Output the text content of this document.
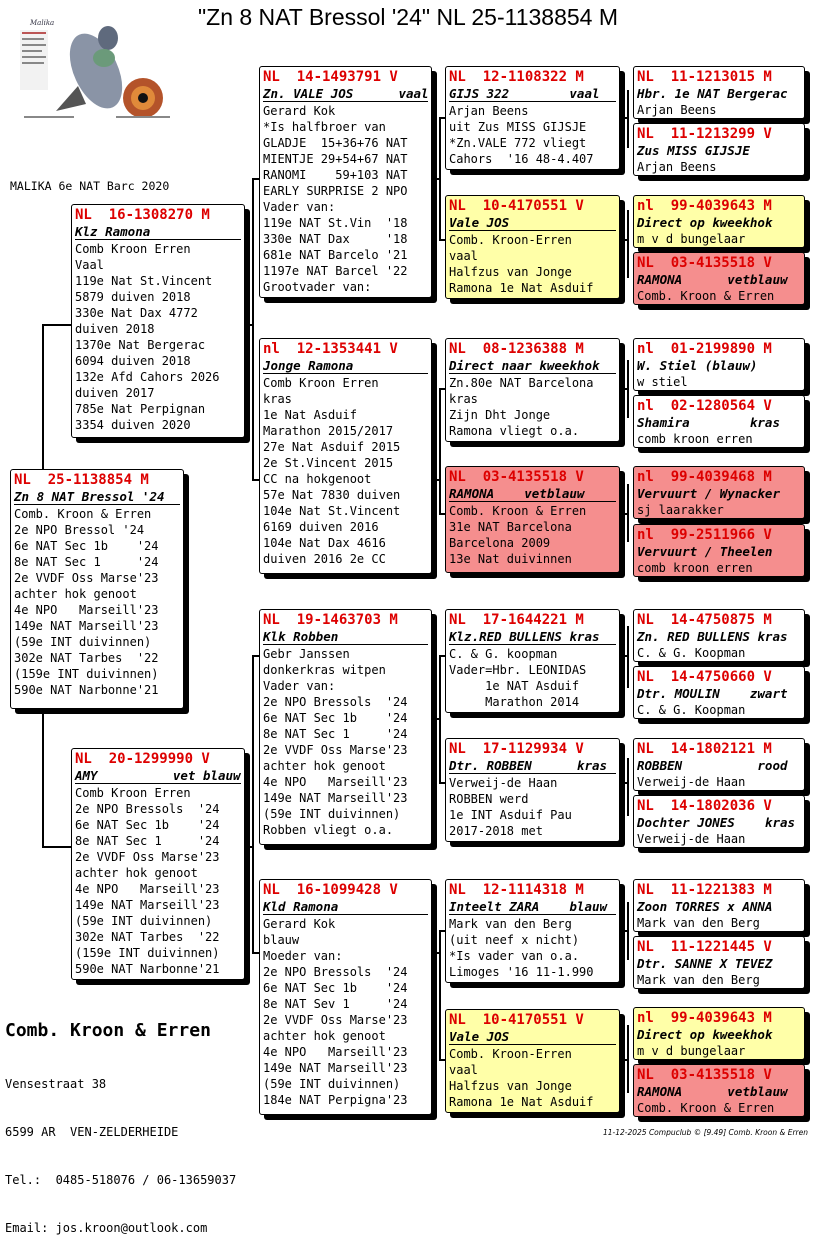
"Zn 8 NAT Bressol '24" NL 25-1138854 M
Malika
MALIKA 6e NAT Barc 2020
NL  25-1138854 M
Zn 8 NAT Bressol '24
Comb. Kroon & Erren
2e NPO Bressol '24
6e NAT Sec 1b    '24
8e NAT Sec 1     '24
2e VVDF Oss Marse'23
achter hok genoot
4e NPO   Marseill'23
149e NAT Marseill'23
(59e INT duivinnen)
302e NAT Tarbes  '22
(159e INT duivinnen)
590e NAT Narbonne'21
NL  16-1308270 M
Klz Ramona
Comb Kroon Erren
Vaal
119e Nat St.Vincent
5879 duiven 2018
330e Nat Dax 4772
duiven 2018
1370e Nat Bergerac
6094 duiven 2018
132e Afd Cahors 2026
duiven 2017
785e Nat Perpignan
3354 duiven 2020
NL  20-1299990 V
AMY          vet blauw
Comb Kroon Erren
2e NPO Bressols  '24
6e NAT Sec 1b    '24
8e NAT Sec 1     '24
2e VVDF Oss Marse'23
achter hok genoot
4e NPO   Marseill'23
149e NAT Marseill'23
(59e INT duivinnen)
302e NAT Tarbes  '22
(159e INT duivinnen)
590e NAT Narbonne'21
NL  14-1493791 V
Zn. VALE JOS      vaal
Gerard Kok
*Is halfbroer van
GLADJE  15+36+76 NAT
MIENTJE 29+54+67 NAT
RANOMI    59+103 NAT
EARLY SURPRISE 2 NPO
Vader van:
119e NAT St.Vin  '18
330e NAT Dax     '18
681e NAT Barcelo '21
1197e NAT Barcel '22
Grootvader van:
nl  12-1353441 V
Jonge Ramona
Comb Kroon Erren
kras
1e Nat Asduif
Marathon 2015/2017
27e Nat Asduif 2015
2e St.Vincent 2015
CC na hokgenoot
57e Nat 7830 duiven
104e Nat St.Vincent
6169 duiven 2016
104e Nat Dax 4616
duiven 2016 2e CC
NL  19-1463703 M
Klk Robben
Gebr Janssen
donkerkras witpen
Vader van:
2e NPO Bressols  '24
6e NAT Sec 1b    '24
8e NAT Sec 1     '24
2e VVDF Oss Marse'23
achter hok genoot
4e NPO   Marseill'23
149e NAT Marseill'23
(59e INT duivinnen)
Robben vliegt o.a.
NL  16-1099428 V
Kld Ramona
Gerard Kok
blauw
Moeder van:
2e NPO Bressols  '24
6e NAT Sec 1b    '24
8e NAT Sev 1     '24
2e VVDF Oss Marse'23
achter hok genoot
4e NPO   Marseill'23
149e NAT Marseill'23
(59e INT duivinnen)
184e NAT Perpigna'23
NL  12-1108322 M
GIJS 322        vaal
Arjan Beens
uit Zus MISS GIJSJE
*Zn.VALE 772 vliegt
Cahors  '16 48-4.407
NL  10-4170551 V
Vale JOS
Comb. Kroon-Erren
vaal
Halfzus van Jonge
Ramona 1e Nat Asduif
NL  08-1236388 M
Direct naar kweekhok
Zn.80e NAT Barcelona
kras
Zijn Dht Jonge
Ramona vliegt o.a.
NL  03-4135518 V
RAMONA    vetblauw
Comb. Kroon & Erren
31e NAT Barcelona
Barcelona 2009
13e Nat duivinnen
NL  17-1644221 M
Klz.RED BULLENS kras
C. & G. koopman
Vader=Hbr. LEONIDAS
1e NAT Asduif
Marathon 2014
NL  17-1129934 V
Dtr. ROBBEN      kras
Verweij-de Haan
ROBBEN werd
1e INT Asduif Pau
2017-2018 met
NL  12-1114318 M
Inteelt ZARA    blauw
Mark van den Berg
(uit neef x nicht)
*Is vader van o.a.
Limoges '16 11-1.990
NL  10-4170551 V
Vale JOS
Comb. Kroon-Erren
vaal
Halfzus van Jonge
Ramona 1e Nat Asduif
NL  11-1213015 M
Hbr. 1e NAT Bergerac
Arjan Beens
NL  11-1213299 V
Zus MISS GIJSJE
Arjan Beens
nl  99-4039643 M
Direct op kweekhok
m v d bungelaar
NL  03-4135518 V
RAMONA      vetblauw
Comb. Kroon & Erren
nl  01-2199890 M
W. Stiel (blauw)
w stiel
nl  02-1280564 V
Shamira        kras
comb kroon erren
nl  99-4039468 M
Vervuurt / Wynacker
sj laarakker
nl  99-2511966 V
Vervuurt / Theelen
comb kroon erren
NL  14-4750875 M
Zn. RED BULLENS kras
C. & G. Koopman
NL  14-4750660 V
Dtr. MOULIN    zwart
C. & G. Koopman
NL  14-1802121 M
ROBBEN          rood
Verweij-de Haan
NL  14-1802036 V
Dochter JONES    kras
Verweij-de Haan
NL  11-1221383 M
Zoon TORRES x ANNA
Mark van den Berg
NL  11-1221445 V
Dtr. SANNE X TEVEZ
Mark van den Berg
nl  99-4039643 M
Direct op kweekhok
m v d bungelaar
NL  03-4135518 V
RAMONA      vetblauw
Comb. Kroon & Erren
Comb. Kroon & Erren

Vensestraat 38

6599 AR  VEN-ZELDERHEIDE

Tel.:  0485-518076 / 06-13659037

Email: jos.kroon@outlook.com

11-12-2025 Compuclub © [9.49] Comb. Kroon & Erren
